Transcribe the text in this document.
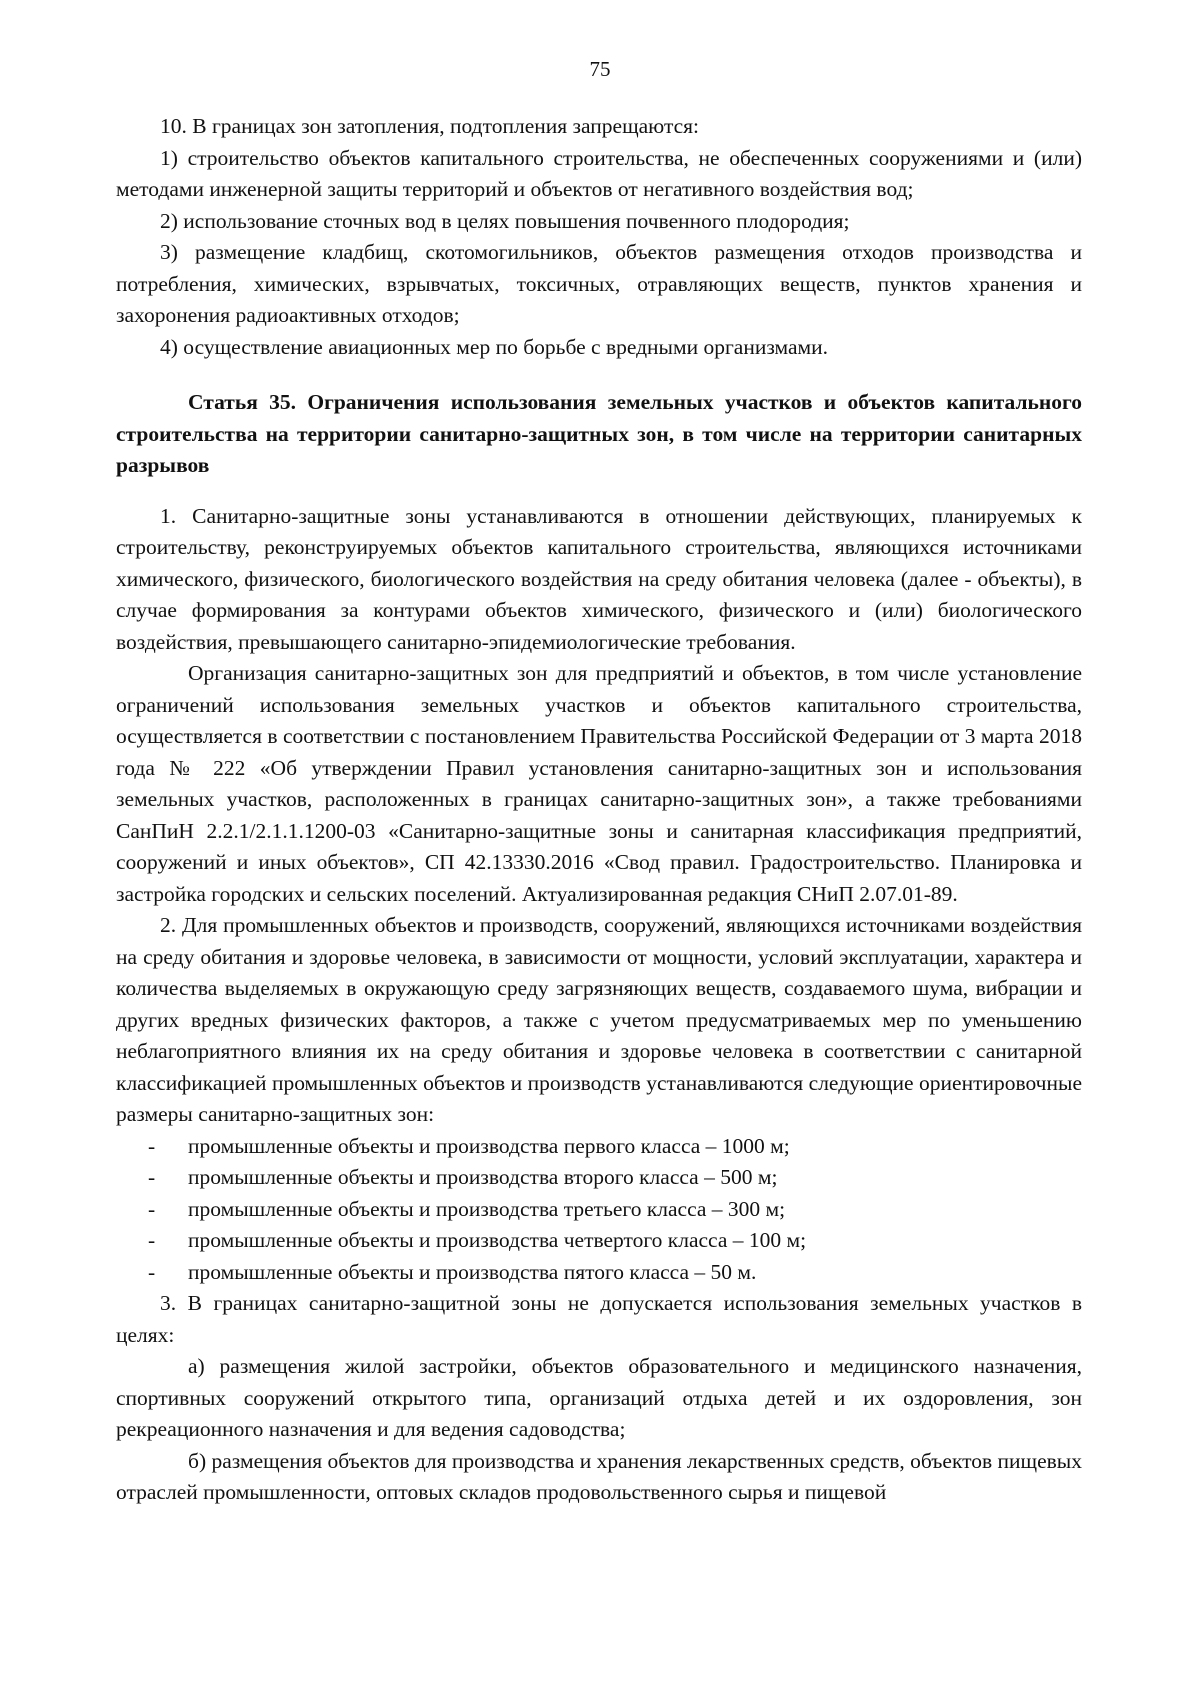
75

10. В границах зон затопления, подтопления запрещаются:

1) строительство объектов капитального строительства, не обеспеченных сооружениями и (или) методами инженерной защиты территорий и объектов от негативного воздействия вод;

2) использование сточных вод в целях повышения почвенного плодородия;

3) размещение кладбищ, скотомогильников, объектов размещения отходов производства и потребления, химических, взрывчатых, токсичных, отравляющих веществ, пунктов хранения и захоронения радиоактивных отходов;

4) осуществление авиационных мер по борьбе с вредными организмами.

Статья 35. Ограничения использования земельных участков и объектов капитального строительства на территории санитарно-защитных зон, в том числе на территории санитарных разрывов

1. Санитарно-защитные зоны устанавливаются в отношении действующих, планируемых к строительству, реконструируемых объектов капитального строительства, являющихся источниками химического, физического, биологического воздействия на среду обитания человека (далее - объекты), в случае формирования за контурами объектов химического, физического и (или) биологического воздействия, превышающего санитарно-эпидемиологические требования.

Организация санитарно-защитных зон для предприятий и объектов, в том числе установление ограничений использования земельных участков и объектов капитального строительства, осуществляется в соответствии с постановлением Правительства Российской Федерации от 3 марта 2018 года № 222 «Об утверждении Правил установления санитарно-защитных зон и использования земельных участков, расположенных в границах санитарно-защитных зон», а также требованиями СанПиН 2.2.1/2.1.1.1200-03 «Санитарно-защитные зоны и санитарная классификация предприятий, сооружений и иных объектов», СП 42.13330.2016 «Свод правил. Градостроительство. Планировка и застройка городских и сельских поселений. Актуализированная редакция СНиП 2.07.01-89.

2. Для промышленных объектов и производств, сооружений, являющихся источниками воздействия на среду обитания и здоровье человека, в зависимости от мощности, условий эксплуатации, характера и количества выделяемых в окружающую среду загрязняющих веществ, создаваемого шума, вибрации и других вредных физических факторов, а также с учетом предусматриваемых мер по уменьшению неблагоприятного влияния их на среду обитания и здоровье человека в соответствии с санитарной классификацией промышленных объектов и производств устанавливаются следующие ориентировочные размеры санитарно-защитных зон:

- промышленные объекты и производства первого класса – 1000 м;
- промышленные объекты и производства второго класса – 500 м;
- промышленные объекты и производства третьего класса – 300 м;
- промышленные объекты и производства четвертого класса – 100 м;
- промышленные объекты и производства пятого класса – 50 м.

3. В границах санитарно-защитной зоны не допускается использования земельных участков в целях:

а) размещения жилой застройки, объектов образовательного и медицинского назначения, спортивных сооружений открытого типа, организаций отдыха детей и их оздоровления, зон рекреационного назначения и для ведения садоводства;

б) размещения объектов для производства и хранения лекарственных средств, объектов пищевых отраслей промышленности, оптовых складов продовольственного сырья и пищевой
